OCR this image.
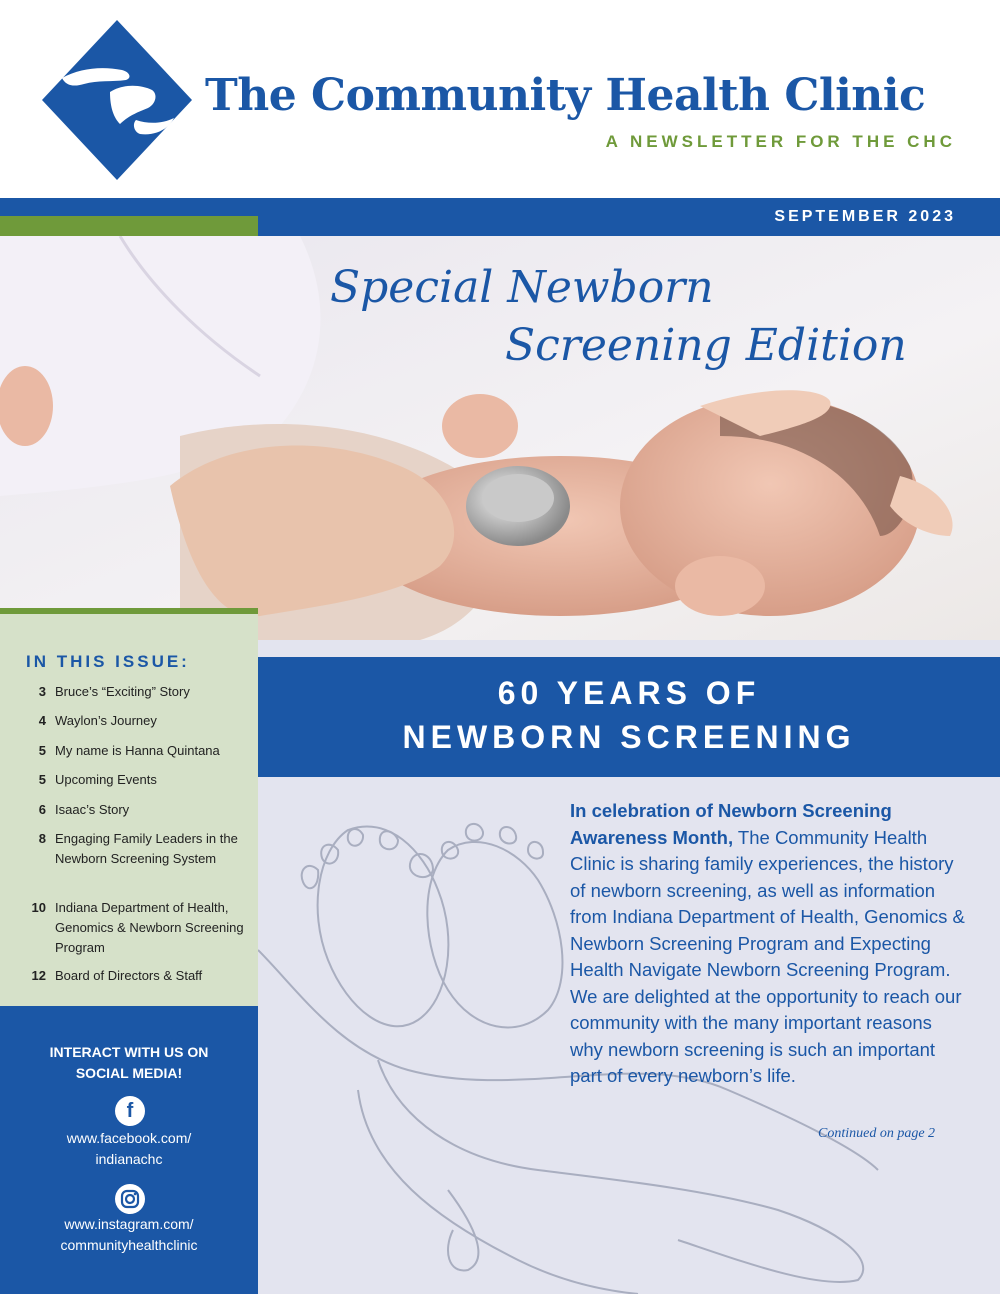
The Community Health Clinic
A NEWSLETTER FOR THE CHC
SEPTEMBER 2023
Special Newborn
Screening Edition
IN THIS ISSUE:
3 Bruce’s “Exciting” Story
4 Waylon’s Journey
5 My name is Hanna Quintana
5 Upcoming Events
6 Isaac’s Story
8 Engaging Family Leaders in the Newborn Screening System
10 Indiana Department of Health, Genomics & Newborn Screening Program
12 Board of Directors & Staff
INTERACT WITH US ON
SOCIAL MEDIA!
f
www.facebook.com/
indianachc
www.instagram.com/
communityhealthclinic
60 YEARS OF
NEWBORN SCREENING
In celebration of Newborn Screening Awareness Month, The Community Health Clinic is sharing family experiences, the history of newborn screening, as well as information from Indiana Department of Health, Genomics & Newborn Screening Program and Expecting Health Navigate Newborn Screening Program. We are delighted at the opportunity to reach our community with the many important reasons why newborn screening is such an important part of every newborn’s life.
Continued on page 2
